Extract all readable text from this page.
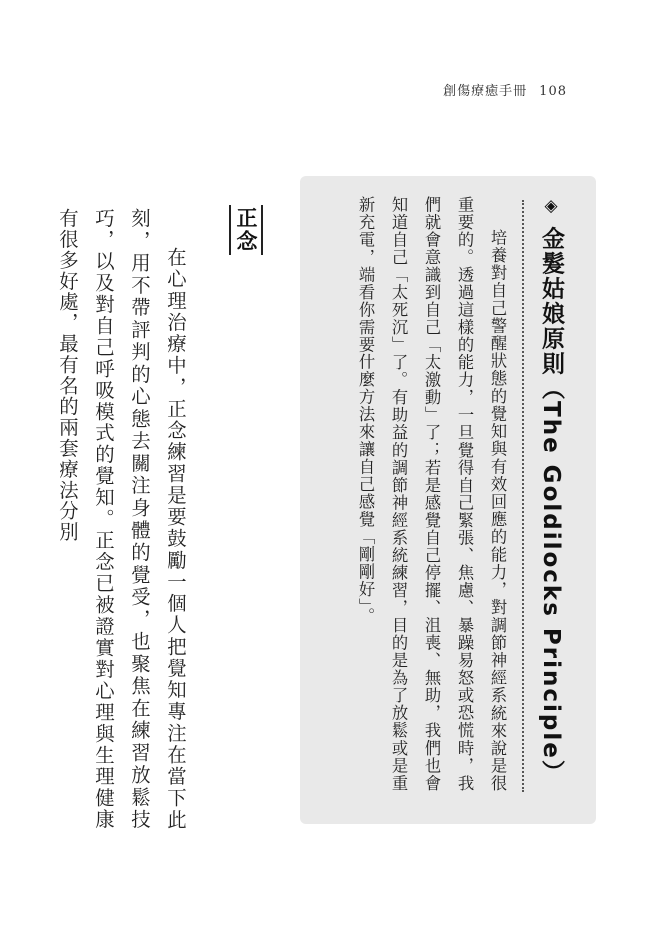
創傷療癒手冊 108
◈ 金髮姑娘原則（The Goldilocks Principle）
培養對自己警醒狀態的覺知與有效回應的能力，對調節神經系統來說是很重要的。透過這樣的能力，一旦覺得自己緊張、焦慮、暴躁易怒或恐慌時，我們就會意識到自己「太激動」了；若是感覺自己停擺、沮喪、無助，我們也會知道自己「太死沉」了。有助益的調節神經系統練習，目的是為了放鬆或是重新充電，端看你需要什麼方法來讓自己感覺「剛剛好」。
正念
在心理治療中，正念練習是要鼓勵一個人把覺知專注在當下此刻，用不帶評判的心態去關注身體的覺受，也聚焦在練習放鬆技巧，以及對自己呼吸模式的覺知。正念已被證實對心理與生理健康有很多好處，最有名的兩套療法分別
